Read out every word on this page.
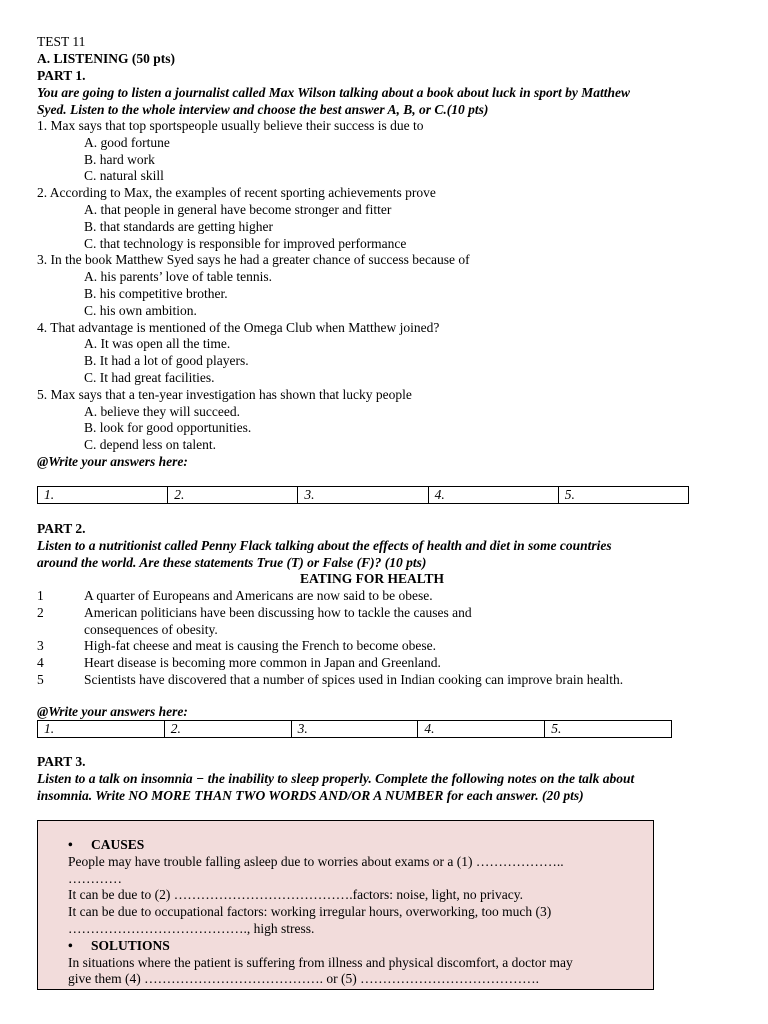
TEST 11
A. LISTENING (50 pts)
PART 1.
You are going to listen a journalist called Max Wilson talking about a book about luck in sport by Matthew
Syed. Listen to the whole interview and choose the best answer A, B, or C.(10 pts)
1. Max says that top sportspeople usually believe their success is due to
A. good fortune
B. hard work
C. natural skill
2. According to Max, the examples of recent sporting achievements prove
A. that people in general have become stronger and fitter
B. that standards are getting higher
C. that technology is responsible for improved performance
3. In the book Matthew Syed says he had a greater chance of success because of
A. his parents’ love of table tennis.
B. his competitive brother.
C. his own ambition.
4. That advantage is mentioned of the Omega Club when Matthew joined?
A. It was open all the time.
B. It had a lot of good players.
C. It had great facilities.
5. Max says that a ten-year investigation has shown that lucky people
A. believe they will succeed.
B. look for good opportunities.
C. depend less on talent.
@Write your answers here:
1.	2.	3.	4.	5.
PART 2.
Listen to a nutritionist called Penny Flack talking about the effects of health and diet in some countries
around the world. Are these statements True (T) or False (F)? (10 pts)
EATING FOR HEALTH
1	A quarter of Europeans and Americans are now said to be obese.
2	American politicians have been discussing how to tackle the causes and
consequences of obesity.
3	High-fat cheese and meat is causing the French to become obese.
4	Heart disease is becoming more common in Japan and Greenland.
5	Scientists have discovered that a number of spices used in Indian cooking can improve brain health.
@Write your answers here:
1.	2.	3.	4.	5.
PART 3.
Listen to a talk on insomnia − the inability to sleep properly. Complete the following notes on the talk about
insomnia. Write NO MORE THAN TWO WORDS AND/OR A NUMBER for each answer. (20 pts)
•	CAUSES
People may have trouble falling asleep due to worries about exams or a (1) ………………..
…………
It can be due to (2) ………………………………….factors: noise, light, no privacy.
It can be due to occupational factors: working irregular hours, overworking, too much (3)
…………………………………., high stress.
•	SOLUTIONS
In situations where the patient is suffering from illness and physical discomfort, a doctor may
give them (4) …………………………………. or (5) ………………………………….
